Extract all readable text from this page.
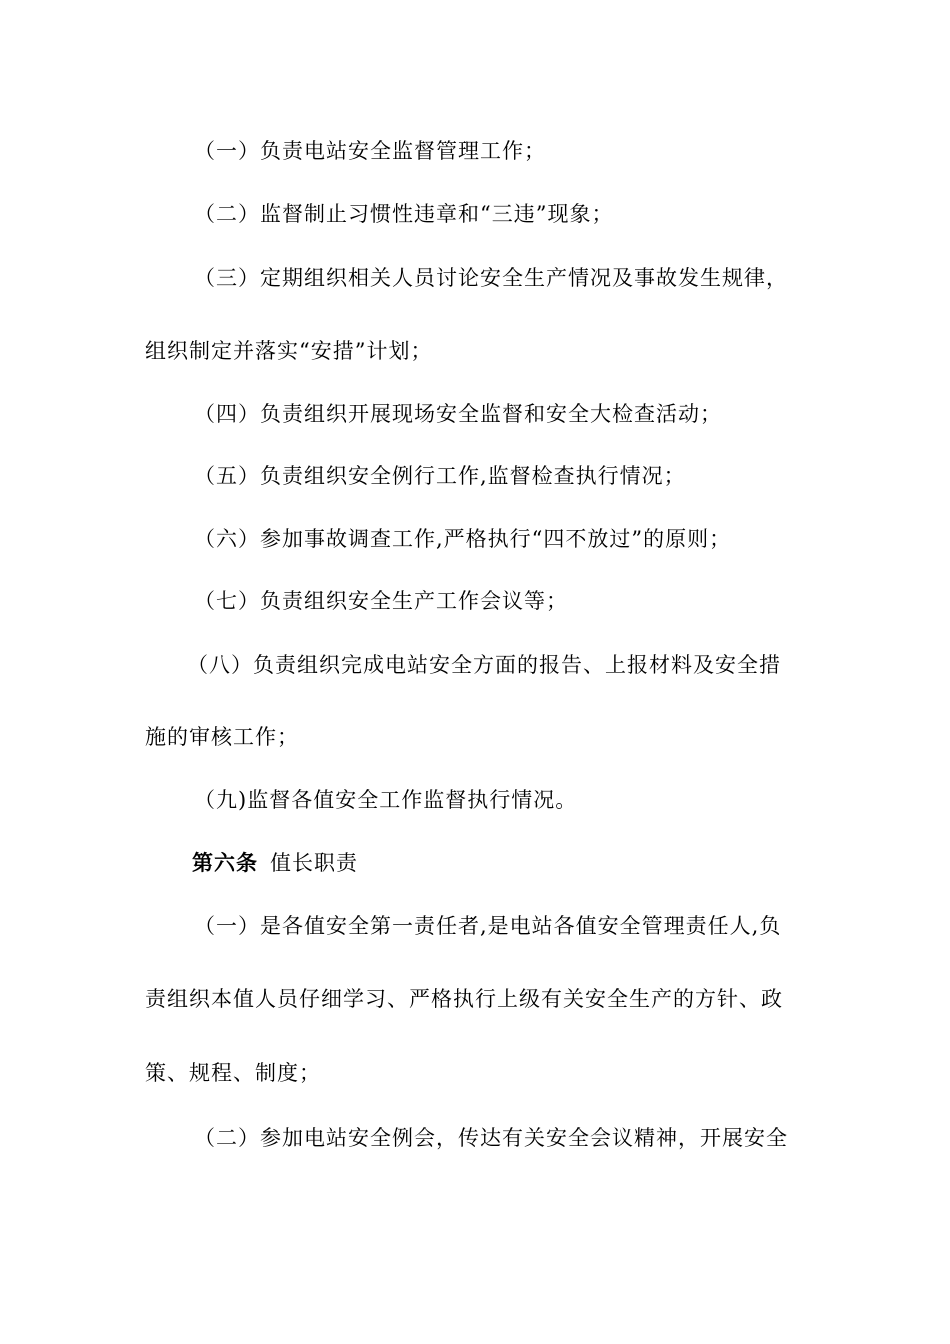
（一）负责电站安全监督管理工作；
（二）监督制止习惯性违章和“三违”现象；
（三）定期组织相关人员讨论安全生产情况及事故发生规律，
组织制定并落实“安措”计划；
（四）负责组织开展现场安全监督和安全大检查活动；
（五）负责组织安全例行工作,监督检查执行情况；
（六）参加事故调查工作,严格执行“四不放过”的原则；
（七）负责组织安全生产工作会议等；
（八）负责组织完成电站安全方面的报告、上报材料及安全措
施的审核工作；
（九)监督各值安全工作监督执行情况。
第六条 值长职责
（一）是各值安全第一责任者,是电站各值安全管理责任人,负
责组织本值人员仔细学习、严格执行上级有关安全生产的方针、政
策、规程、制度；
（二）参加电站安全例会，传达有关安全会议精神，开展安全
